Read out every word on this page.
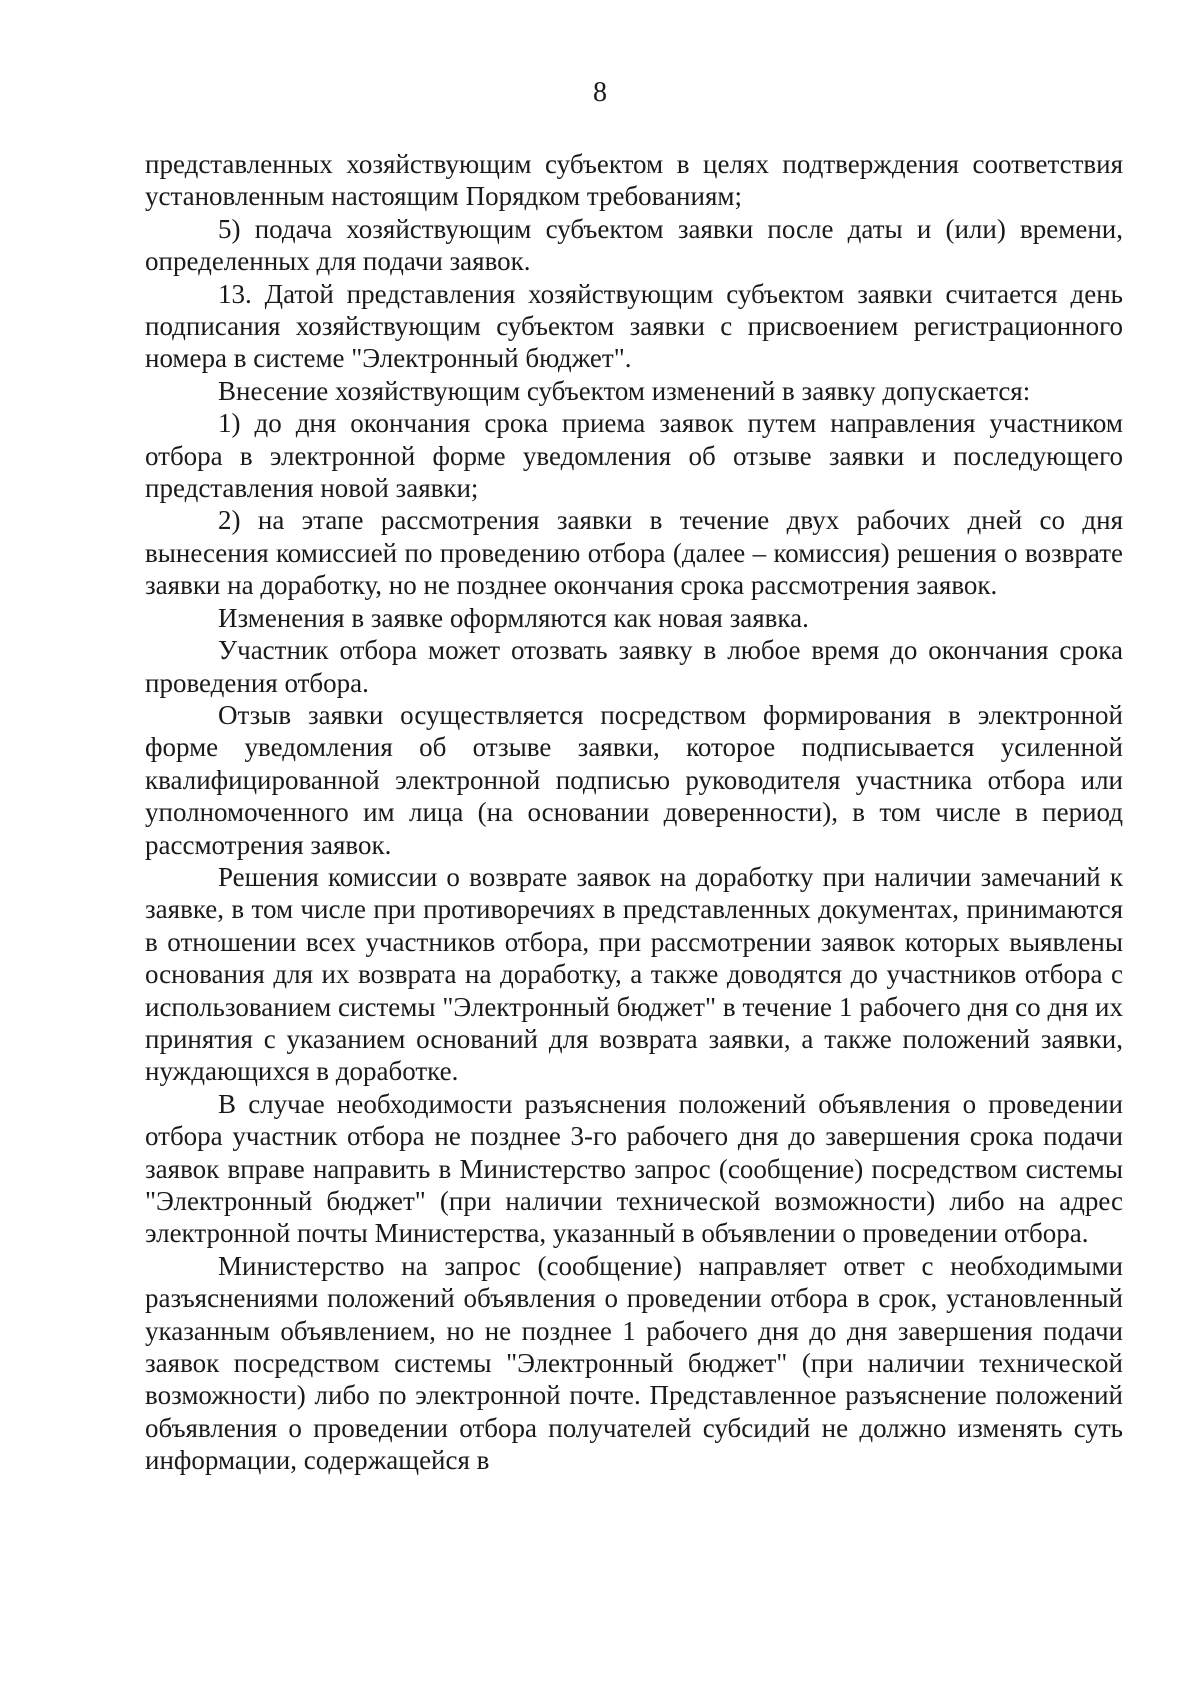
8

представленных хозяйствующим субъектом в целях подтверждения соответствия установленным настоящим Порядком требованиям;

5) подача хозяйствующим субъектом заявки после даты и (или) времени, определенных для подачи заявок.

13. Датой представления хозяйствующим субъектом заявки считается день подписания хозяйствующим субъектом заявки с присвоением регистрационного номера в системе "Электронный бюджет".

Внесение хозяйствующим субъектом изменений в заявку допускается:

1) до дня окончания срока приема заявок путем направления участником отбора в электронной форме уведомления об отзыве заявки и последующего представления новой заявки;

2) на этапе рассмотрения заявки в течение двух рабочих дней со дня вынесения комиссией по проведению отбора (далее – комиссия) решения о возврате заявки на доработку, но не позднее окончания срока рассмотрения заявок.

Изменения в заявке оформляются как новая заявка.

Участник отбора может отозвать заявку в любое время до окончания срока проведения отбора.

Отзыв заявки осуществляется посредством формирования в электронной форме уведомления об отзыве заявки, которое подписывается усиленной квалифицированной электронной подписью руководителя участника отбора или уполномоченного им лица (на основании доверенности), в том числе в период рассмотрения заявок.

Решения комиссии о возврате заявок на доработку при наличии замечаний к заявке, в том числе при противоречиях в представленных документах, принимаются в отношении всех участников отбора, при рассмотрении заявок которых выявлены основания для их возврата на доработку, а также доводятся до участников отбора с использованием системы "Электронный бюджет" в течение 1 рабочего дня со дня их принятия с указанием оснований для возврата заявки, а также положений заявки, нуждающихся в доработке.

В случае необходимости разъяснения положений объявления о проведении отбора участник отбора не позднее 3-го рабочего дня до завершения срока подачи заявок вправе направить в Министерство запрос (сообщение) посредством системы "Электронный бюджет" (при наличии технической возможности) либо на адрес электронной почты Министерства, указанный в объявлении о проведении отбора.

Министерство на запрос (сообщение) направляет ответ с необходимыми разъяснениями положений объявления о проведении отбора в срок, установленный указанным объявлением, но не позднее 1 рабочего дня до дня завершения подачи заявок посредством системы "Электронный бюджет" (при наличии технической возможности) либо по электронной почте. Представленное разъяснение положений объявления о проведении отбора получателей субсидий не должно изменять суть информации, содержащейся в
